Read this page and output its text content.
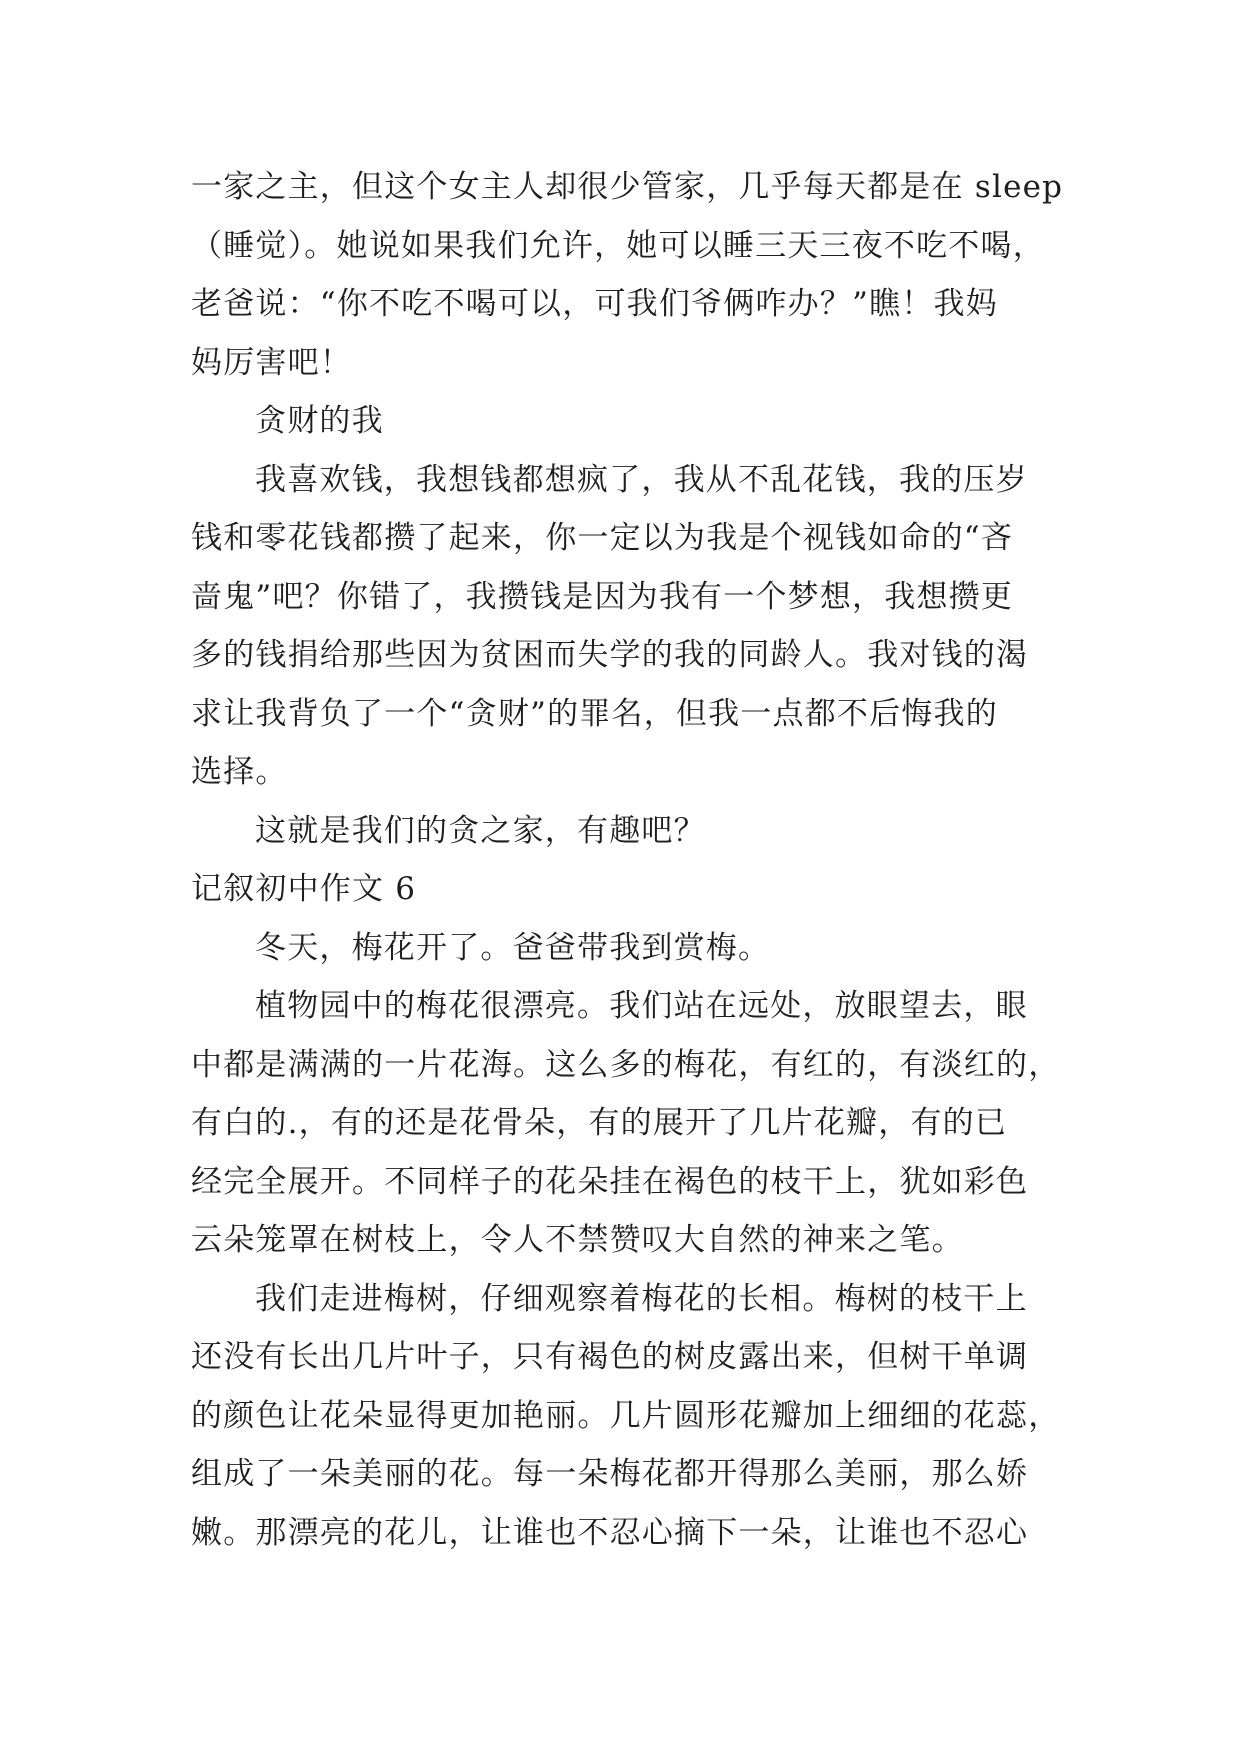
一家之主，但这个女主人却很少管家，几乎每天都是在 sleep

（睡觉）。她说如果我们允许，她可以睡三天三夜不吃不喝，

老爸说：“你不吃不喝可以，可我们爷俩咋办？”瞧！我妈

妈厉害吧！

贪财的我

我喜欢钱，我想钱都想疯了，我从不乱花钱，我的压岁

钱和零花钱都攒了起来，你一定以为我是个视钱如命的“吝

啬鬼”吧？你错了，我攒钱是因为我有一个梦想，我想攒更

多的钱捐给那些因为贫困而失学的我的同龄人。我对钱的渴

求让我背负了一个“贪财”的罪名，但我一点都不后悔我的

选择。

这就是我们的贪之家，有趣吧？

记叙初中作文 6

冬天，梅花开了。爸爸带我到赏梅。

植物园中的梅花很漂亮。我们站在远处，放眼望去，眼

中都是满满的一片花海。这么多的梅花，有红的，有淡红的，

有白的.，有的还是花骨朵，有的展开了几片花瓣，有的已

经完全展开。不同样子的花朵挂在褐色的枝干上，犹如彩色

云朵笼罩在树枝上，令人不禁赞叹大自然的神来之笔。

我们走进梅树，仔细观察着梅花的长相。梅树的枝干上

还没有长出几片叶子，只有褐色的树皮露出来，但树干单调

的颜色让花朵显得更加艳丽。几片圆形花瓣加上细细的花蕊，

组成了一朵美丽的花。每一朵梅花都开得那么美丽，那么娇

嫩。那漂亮的花儿，让谁也不忍心摘下一朵，让谁也不忍心
